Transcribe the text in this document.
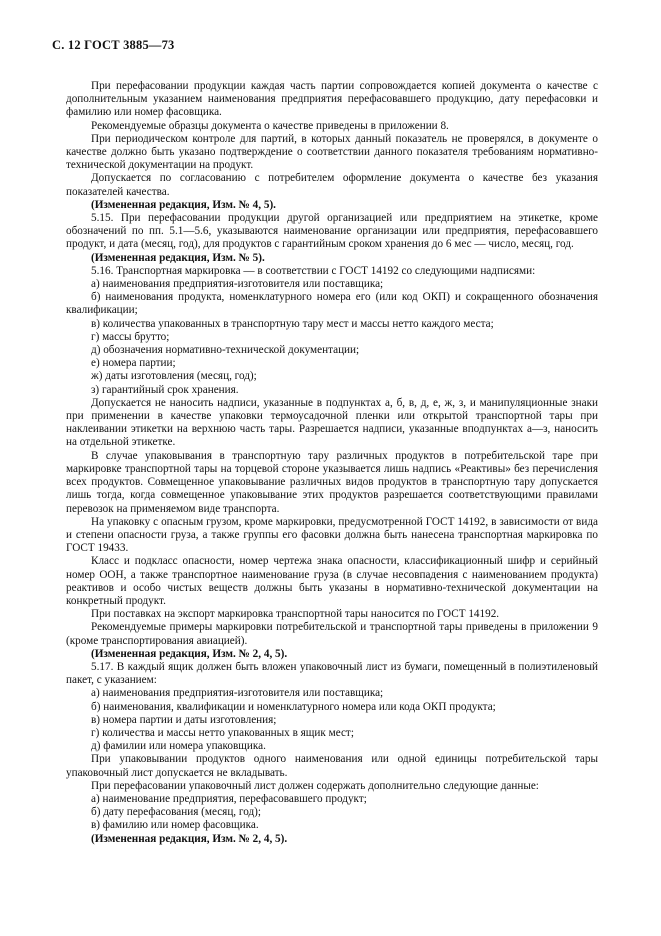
С. 12 ГОСТ 3885—73

При перефасовании продукции каждая часть партии сопровождается копией документа о качестве с дополнительным указанием наименования предприятия перефасовавшего продукцию, дату перефасовки и фамилию или номер фасовщика.

Рекомендуемые образцы документа о качестве приведены в приложении 8.

При периодическом контроле для партий, в которых данный показатель не проверялся, в документе о качестве должно быть указано подтверждение о соответствии данного показателя требованиям нормативно-технической документации на продукт.

Допускается по согласованию с потребителем оформление документа о качестве без указания показателей качества.

(Измененная редакция, Изм. № 4, 5).

5.15. При перефасовании продукции другой организацией или предприятием на этикетке, кроме обозначений по пп. 5.1—5.6, указываются наименование организации или предприятия, перефасовавшего продукт, и дата (месяц, год), для продуктов с гарантийным сроком хранения до 6 мес — число, месяц, год.

(Измененная редакция, Изм. № 5).

5.16. Транспортная маркировка — в соответствии с ГОСТ 14192 со следующими надписями:

а) наименования предприятия-изготовителя или поставщика;

б) наименования продукта, номенклатурного номера его (или код ОКП) и сокращенного обозначения квалификации;

в) количества упакованных в транспортную тару мест и массы нетто каждого места;

г) массы брутто;

д) обозначения нормативно-технической документации;

е) номера партии;

ж) даты изготовления (месяц, год);

з) гарантийный срок хранения.

Допускается не наносить надписи, указанные в подпунктах а, б, в, д, е, ж, з, и манипуляционные знаки при применении в качестве упаковки термоусадочной пленки или открытой транспортной тары при наклеивании этикетки на верхнюю часть тары. Разрешается надписи, указанные вподпунктах а—з, наносить на отдельной этикетке.

В случае упаковывания в транспортную тару различных продуктов в потребительской таре при маркировке транспортной тары на торцевой стороне указывается лишь надпись «Реактивы» без перечисления всех продуктов. Совмещенное упаковывание различных видов продуктов в транспортную тару допускается лишь тогда, когда совмещенное упаковывание этих продуктов разрешается соответствующими правилами перевозок на применяемом виде транспорта.

На упаковку с опасным грузом, кроме маркировки, предусмотренной ГОСТ 14192, в зависимости от вида и степени опасности груза, а также группы его фасовки должна быть нанесена транспортная маркировка по ГОСТ 19433.

Класс и подкласс опасности, номер чертежа знака опасности, классификационный шифр и серийный номер ООН, а также транспортное наименование груза (в случае несовпадения с наименованием продукта) реактивов и особо чистых веществ должны быть указаны в нормативно-технической документации на конкретный продукт.

При поставках на экспорт маркировка транспортной тары наносится по ГОСТ 14192.

Рекомендуемые примеры маркировки потребительской и транспортной тары приведены в приложении 9 (кроме транспортирования авиацией).

(Измененная редакция, Изм. № 2, 4, 5).

5.17. В каждый ящик должен быть вложен упаковочный лист из бумаги, помещенный в полиэтиленовый пакет, с указанием:

а) наименования предприятия-изготовителя или поставщика;

б) наименования, квалификации и номенклатурного номера или кода ОКП продукта;

в) номера партии и даты изготовления;

г) количества и массы нетто упакованных в ящик мест;

д) фамилии или номера упаковщика.

При упаковывании продуктов одного наименования или одной единицы потребительской тары упаковочный лист допускается не вкладывать.

При перефасовании упаковочный лист должен содержать дополнительно следующие данные:

а) наименование предприятия, перефасовавшего продукт;

б) дату перефасования (месяц, год);

в) фамилию или номер фасовщика.

(Измененная редакция, Изм. № 2, 4, 5).
